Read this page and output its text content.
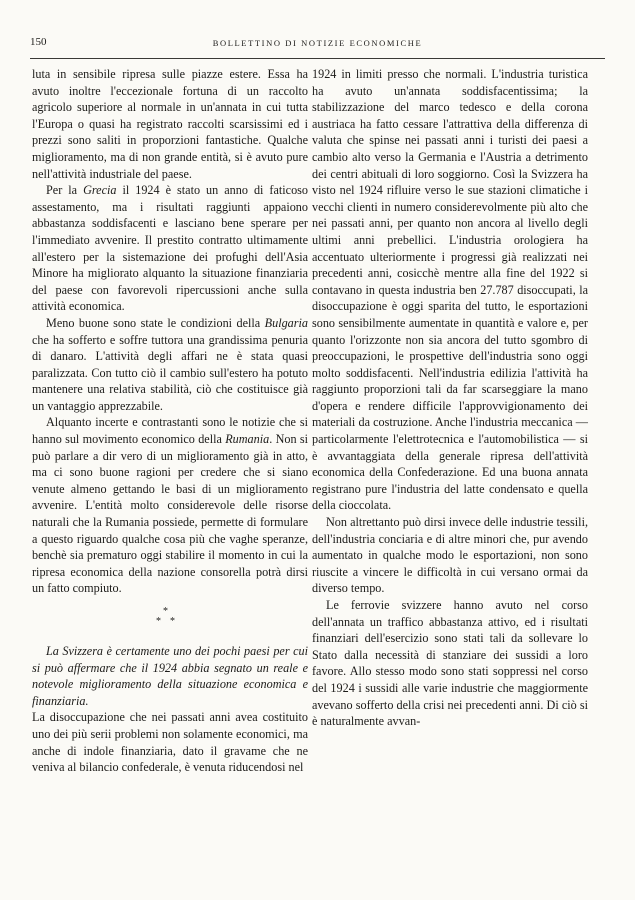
150	BOLLETTINO DI NOTIZIE ECONOMICHE

luta in sensibile ripresa sulle piazze estere. Essa ha avuto inoltre l'eccezionale fortuna di un raccolto agricolo superiore al normale in un'annata in cui tutta l'Europa o quasi ha registrato raccolti scarsissimi ed i prezzi sono saliti in proporzioni fantastiche. Qualche miglioramento, ma di non grande entità, si è avuto pure nell'attività industriale del paese.

Per la Grecia il 1924 è stato un anno di faticoso assestamento, ma i risultati raggiunti appaiono abbastanza soddisfacenti e lasciano bene sperare per l'immediato avvenire. Il prestito contratto ultimamente all'estero per la sistemazione dei profughi dell'Asia Minore ha migliorato alquanto la situazione finanziaria del paese con favorevoli ripercussioni anche sulla attività economica.

Meno buone sono state le condizioni della Bulgaria che ha sofferto e soffre tuttora una grandissima penuria di danaro. L'attività degli affari ne è stata quasi paralizzata. Con tutto ciò il cambio sull'estero ha potuto mantenere una relativa stabilità, ciò che costituisce già un vantaggio apprezzabile.

Alquanto incerte e contrastanti sono le notizie che si hanno sul movimento economico della Rumania. Non si può parlare a dir vero di un miglioramento già in atto, ma ci sono buone ragioni per credere che si siano venute almeno gettando le basi di un miglioramento avvenire. L'entità molto considerevole delle risorse naturali che la Rumania possiede, permette di formulare a questo riguardo qualche cosa più che vaghe speranze, benchè sia prematuro oggi stabilire il momento in cui la ripresa economica della nazione consorella potrà dirsi un fatto compiuto.

*
* *

La Svizzera è certamente uno dei pochi paesi per cui si può affermare che il 1924 abbia segnato un reale e notevole miglioramento della situazione economica e finanziaria.

La disoccupazione che nei passati anni avea costituito uno dei più serii problemi non solamente economici, ma anche di indole finanziaria, dato il gravame che ne veniva al bilancio confederale, è venuta riducendosi nel

1924 in limiti presso che normali. L'industria turistica ha avuto un'annata soddisfacentissima; la stabilizzazione del marco tedesco e della corona austriaca ha fatto cessare l'attrattiva della differenza di valuta che spinse nei passati anni i turisti dei paesi a cambio alto verso la Germania e l'Austria a detrimento dei centri abituali di loro soggiorno. Così la Svizzera ha visto nel 1924 rifluire verso le sue stazioni climatiche i vecchi clienti in numero considerevolmente più alto che nei passati anni, per quanto non ancora al livello degli ultimi anni prebellici. L'industria orologiera ha accentuato ulteriormente i progressi già realizzati nei precedenti anni, cosicchè mentre alla fine del 1922 si contavano in questa industria ben 27.787 disoccupati, la disoccupazione è oggi sparita del tutto, le esportazioni sono sensibilmente aumentate in quantità e valore e, per quanto l'orizzonte non sia ancora del tutto sgombro di preoccupazioni, le prospettive dell'industria sono oggi molto soddisfacenti. Nell'industria edilizia l'attività ha raggiunto proporzioni tali da far scarseggiare la mano d'opera e rendere difficile l'approvvigionamento dei materiali da costruzione. Anche l'industria meccanica — particolarmente l'elettrotecnica e l'automobilistica — si è avvantaggiata della generale ripresa dell'attività economica della Confederazione. Ed una buona annata registrano pure l'industria del latte condensato e quella della cioccolata.

Non altrettanto può dirsi invece delle industrie tessili, dell'industria conciaria e di altre minori che, pur avendo aumentato in qualche modo le esportazioni, non sono riuscite a vincere le difficoltà in cui versano ormai da diverso tempo.

Le ferrovie svizzere hanno avuto nel corso dell'annata un traffico abbastanza attivo, ed i risultati finanziari dell'esercizio sono stati tali da sollevare lo Stato dalla necessità di stanziare dei sussidi a loro favore. Allo stesso modo sono stati soppressi nel corso del 1924 i sussidi alle varie industrie che maggiormente avevano sofferto della crisi nei precedenti anni. Di ciò si è naturalmente avvan-
